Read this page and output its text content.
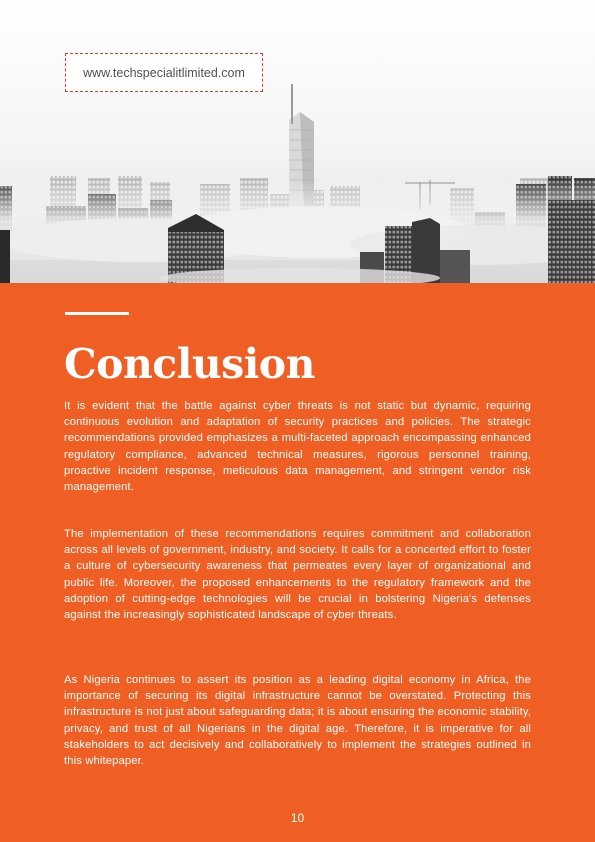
www.techspecialitlimited.com
Conclusion

It is evident that the battle against cyber threats is not static but dynamic, requiring continuous evolution and adaptation of security practices and policies. The strategic recommendations provided emphasizes a multi-faceted approach encompassing enhanced regulatory compliance, advanced technical measures, rigorous personnel training, proactive incident response, meticulous data management, and stringent vendor risk management.

The implementation of these recommendations requires commitment and collaboration across all levels of government, industry, and society. It calls for a concerted effort to foster a culture of cybersecurity awareness that permeates every layer of organizational and public life. Moreover, the proposed enhancements to the regulatory framework and the adoption of cutting-edge technologies will be crucial in bolstering Nigeria's defenses against the increasingly sophisticated landscape of cyber threats.

As Nigeria continues to assert its position as a leading digital economy in Africa, the importance of securing its digital infrastructure cannot be overstated. Protecting this infrastructure is not just about safeguarding data; it is about ensuring the economic stability, privacy, and trust of all Nigerians in the digital age. Therefore, it is imperative for all stakeholders to act decisively and collaboratively to implement the strategies outlined in this whitepaper.

10
